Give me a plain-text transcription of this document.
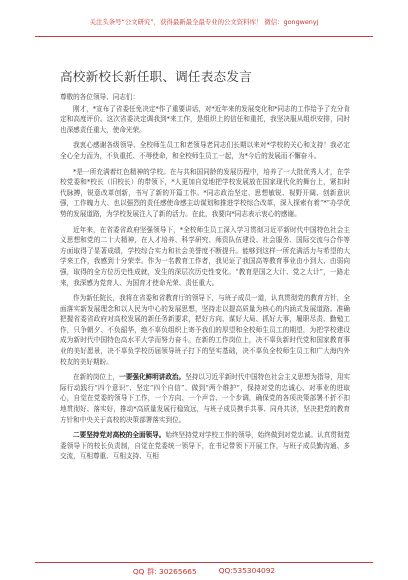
关注头条号“公文研究”，获得最新最全最专业的公文资料库！ 微信：gongwenyj
高校新校长新任职、调任表态发言

尊敬的各位领导、同志们：

刚才，*宣布了省委任免决定*作了重要讲话，对*近年来的发展变化和*同志的工作给予了充分肯定和高度评价。这次省委决定调我到*来工作，是组织上的信任和重托，我坚决服从组织安排，同时也深感责任重大，使命光荣。

我衷心感谢各级领导、全校师生员工和老领导老同志们长期以来对*学校的关心和支持！我必定全心全力而为，不负重托、不辱使命，和全校师生员工一起，为*今后的发展而不懈奋斗。

*是一所充满着红色精神的学校。在与共和国同龄的发展历程中，培养了一大批优秀人才，在学校党委和*校长（旧校长）的带领下，*人更加自觉地把学校发展放在国家现代化的舞台上，紧扣时代脉搏，锐意改革创新，书写了新的开篇工作。*同志政治坚定、思想敏锐、视野开阔、创新意识强，工作魄力大、也以强烈的责任感使命感主动谋划和推进学校综合改革，深入探索有着“*”办学优势的发展道路，为学校发展注入了新的活力。在此，我要向*同志表示衷心的感谢。

近年来，在省委省政府坚强领导下，*全校师生员工深入学习贯彻习近平新时代中国特色社会主义思想和党的二十大精神，在人才培养、科学研究、师资队伍建设、社会服务、国际交流与合作等方面取得了显著成绩，学校综合实力和社会美誉度不断提升。能够到这样一所充满活力与希望的大学来工作，我感到十分荣幸。作为一名教育工作者，我见证了我国高等教育事业由小到大、由弱向强，取得的全方位历史性成就，发生的深层次历史性变化。“教育是国之大计、党之大计”，一路走来，我深感为党育人、为国育才使命光荣、责任重大。

作为新任院长，我将在省委和省教育厅的领导下，与班子成员一道，认真贯彻党的教育方针，全面落实新发展理念和以人民为中心的发展思想，坚持走以提高质量为核心的内涵式发展道路。准确把握省委省政府对高校发展的新任务新要求，把好方向、谋好大局、抓好大事，履职尽责、勤勉工作，只争朝夕、不负韶华，绝不辜负组织上寄予我们的厚望和全校师生员工的期望，为把学校建设成为新时代中国特色高水平大学而努力奋斗。在新的工作岗位上，决不辜负新时代党和国家教育事业的美好愿景，决不辜负学校历届领导班子打下的坚实基础，决不辜负全校师生员工和广大海内外校友的美好期盼。

在新的岗位上，一要强化鲜明讲政治。坚持以习近平新时代中国特色社会主义思想为指导，用实际行动践行“四个意识”、坚定“四个自信”、做到“两个维护”，保持对党的忠诚心、对事业的进取心，自觉在党委的领导下工作，一个方向、一个声音、一个步调，确保党的各项决策部署不折不扣地贯彻好、落实好，推动*高质量发展行稳致远，与班子成员携手共事、同舟共济，坚决把党的教育方针和中央关于高校的决策部署落实到位。

二要坚持党对高校的全面领导。始终坚持党对学校工作的领导，始终做到对党忠诚。认真贯彻党委领导下的校长负责制，自觉在党委统一领导下，在书记带领下开展工作，与班子成员勤沟通、多交流，互相尊重、互相支持、互相

QQ 群: 30265665	QQ:535304092
